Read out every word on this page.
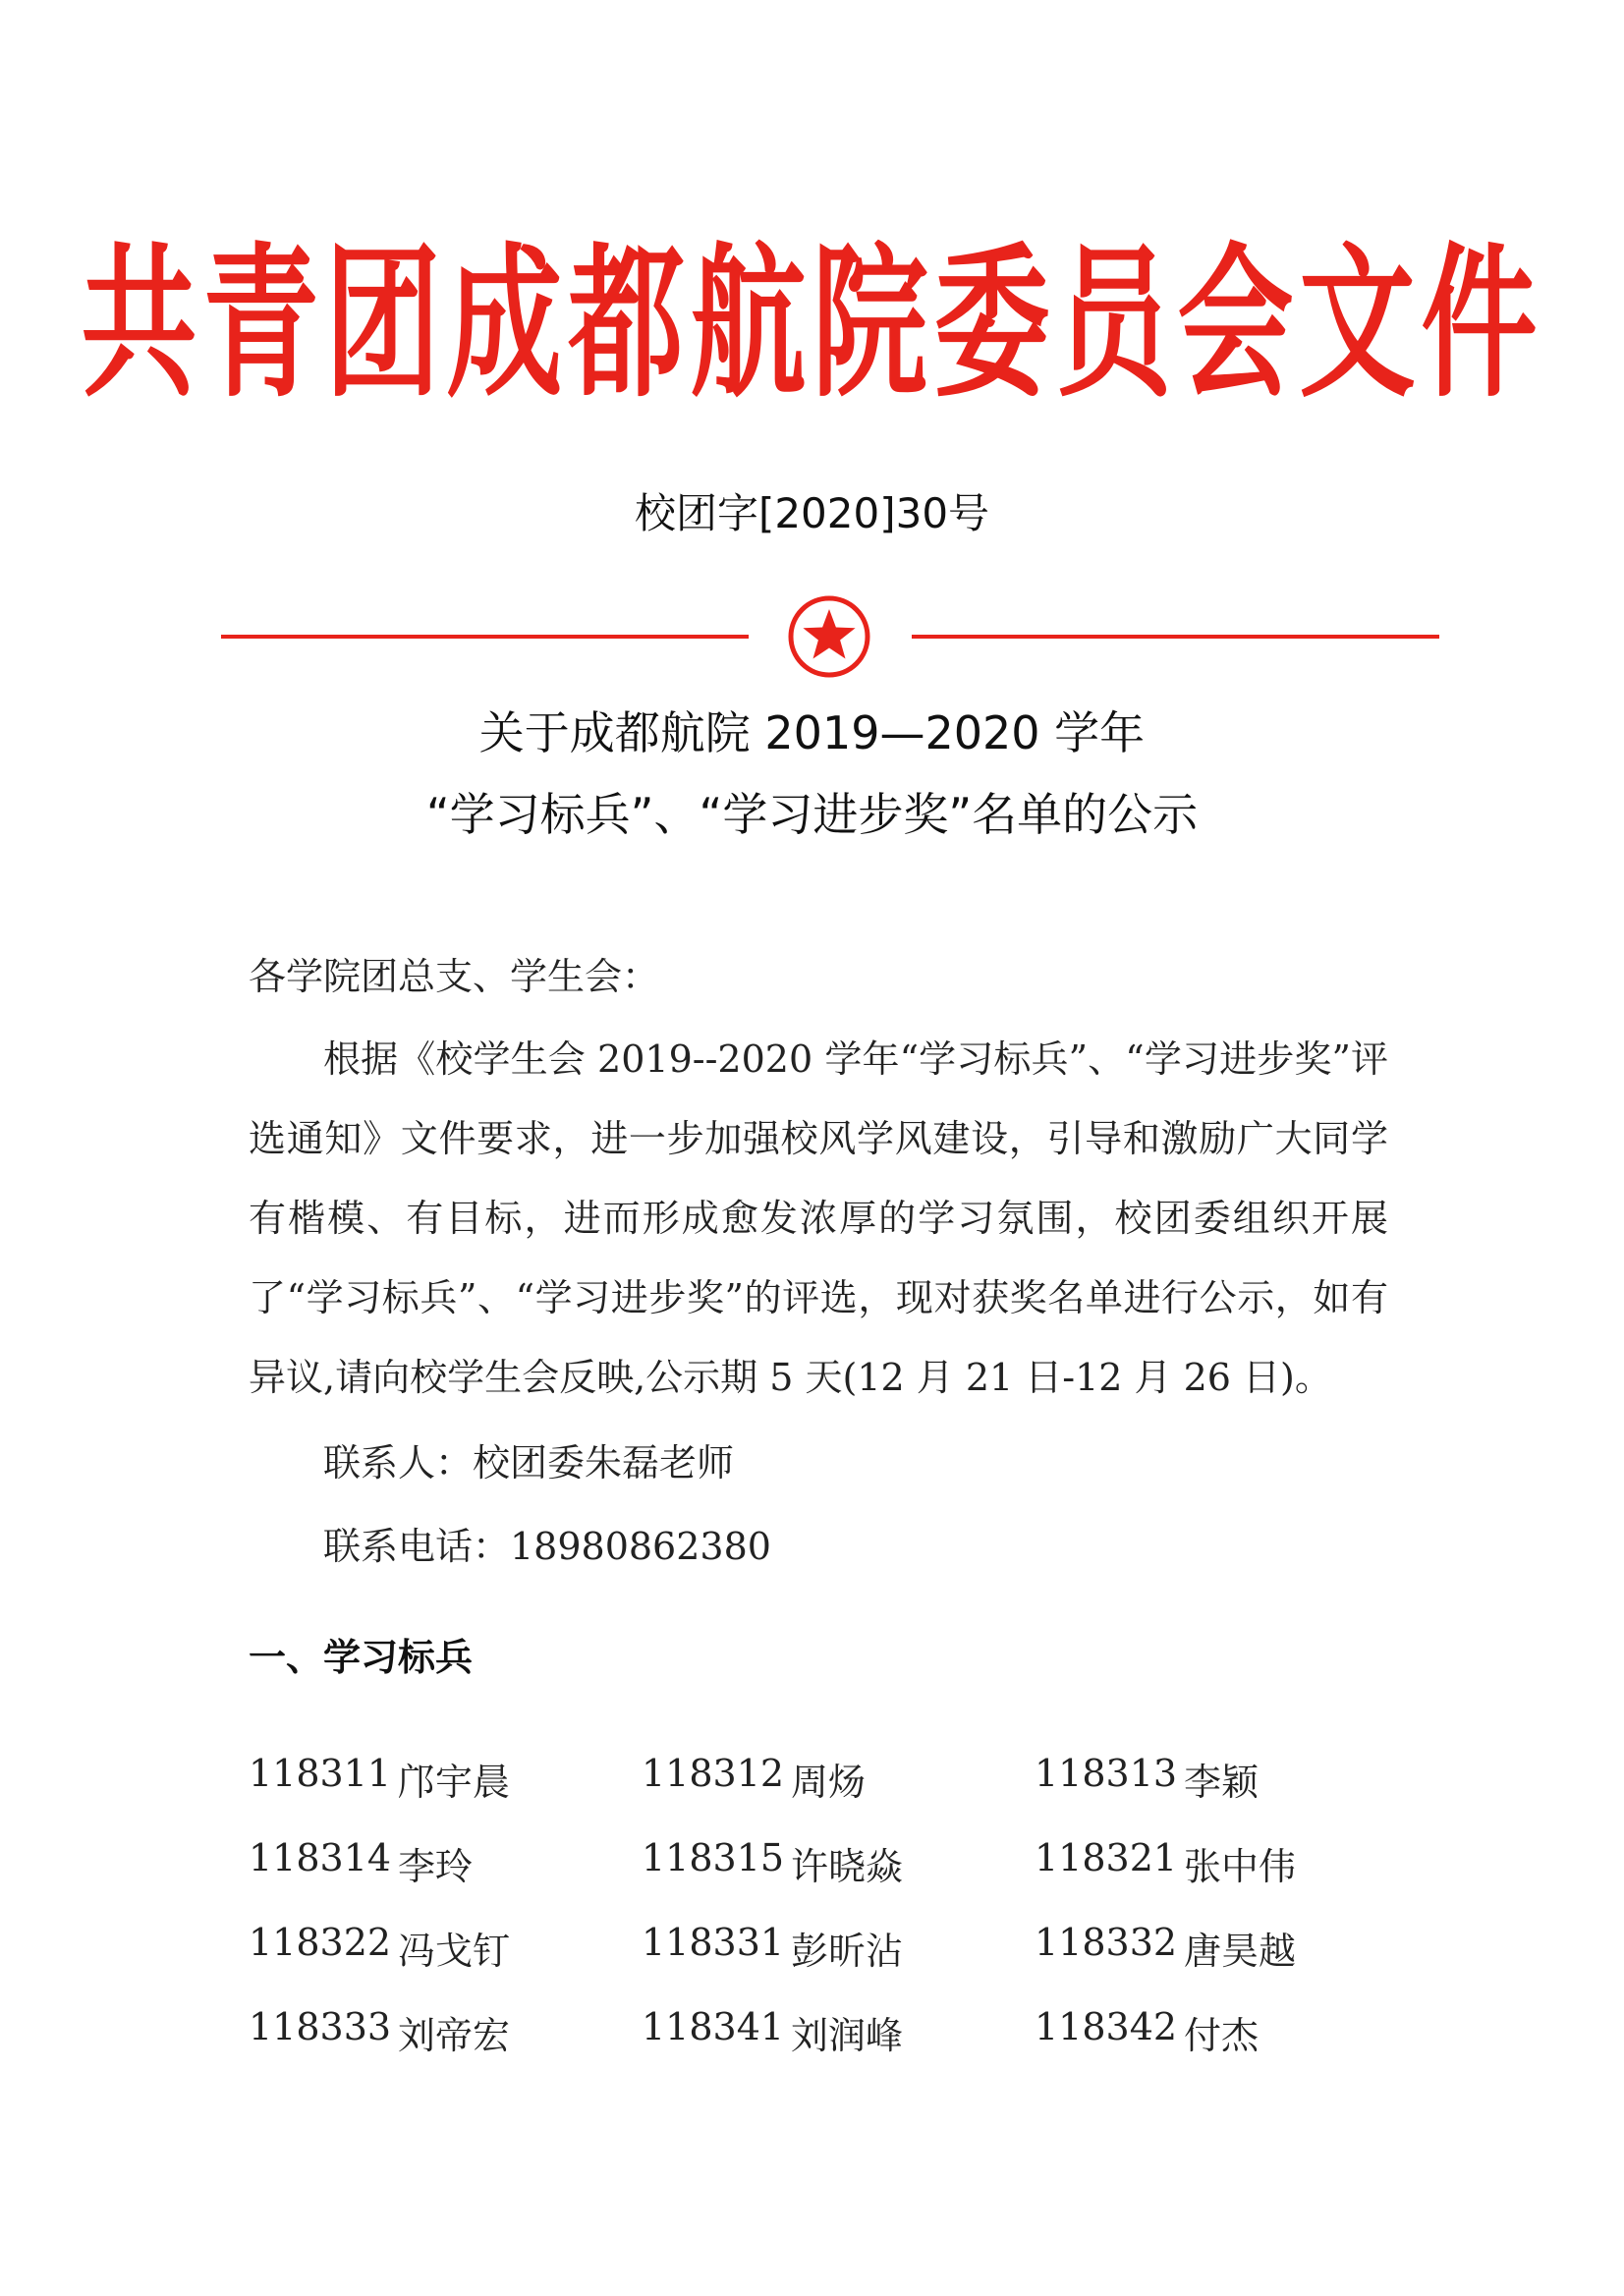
共青团成都航院委员会文件
校团字[2020]30号
关于成都航院 2019—2020 学年
“学习标兵”、“学习进步奖”名单的公示

各学院团总支、学生会：

根据《校学生会 2019--2020 学年“学习标兵”、“学习进步奖”评选通知》文件要求，进一步加强校风学风建设，引导和激励广大同学有楷模、有目标，进而形成愈发浓厚的学习氛围，校团委组织开展了“学习标兵”、“学习进步奖”的评选，现对获奖名单进行公示，如有异议,请向校学生会反映,公示期 5 天(12 月 21 日-12 月 26 日)。

联系人：校团委朱磊老师

联系电话：18980862380

一、学习标兵
118311 邝宇晨	118312 周炀	118313 李颖
118314 李玲	118315 许晓焱	118321 张中伟
118322 冯戈钉	118331 彭昕沾	118332 唐昊越
118333 刘帝宏	118341 刘润峰	118342 付杰
